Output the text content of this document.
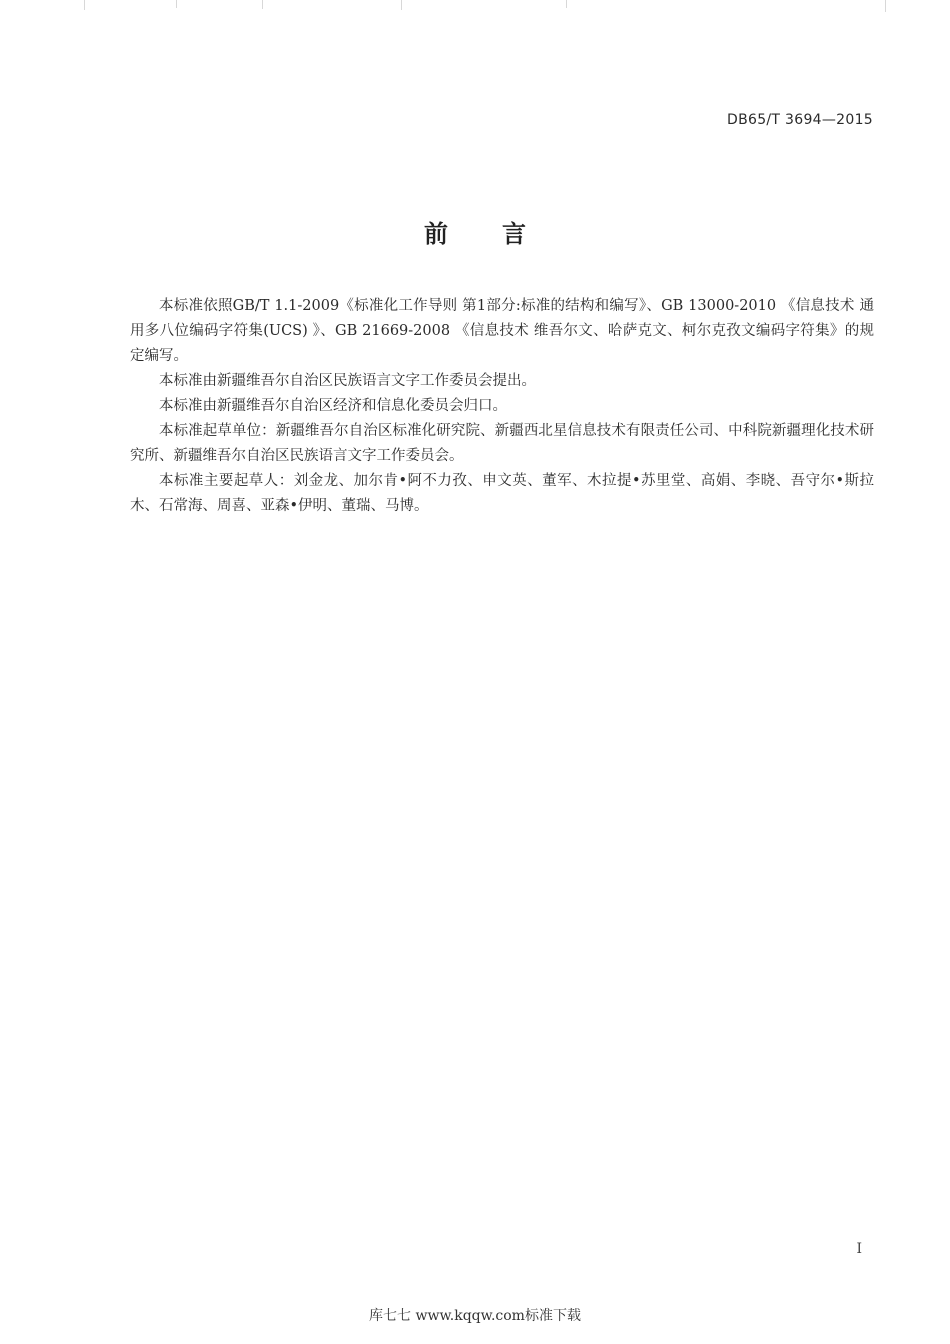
DB65/T 3694—2015
前言

本标准依照GB/T 1.1-2009《标准化工作导则 第1部分:标准的结构和编写》、GB 13000-2010 《信息技术 通用多八位编码字符集(UCS) 》、GB 21669-2008 《信息技术 维吾尔文、哈萨克文、柯尔克孜文编码字符集》的规定编写。

本标准由新疆维吾尔自治区民族语言文字工作委员会提出。

本标准由新疆维吾尔自治区经济和信息化委员会归口。

本标准起草单位：新疆维吾尔自治区标准化研究院、新疆西北星信息技术有限责任公司、中科院新疆理化技术研究所、新疆维吾尔自治区民族语言文字工作委员会。

本标准主要起草人：刘金龙、加尔肯•阿不力孜、申文英、董军、木拉提•苏里堂、高娟、李晓、吾守尔•斯拉木、石常海、周喜、亚森•伊明、董瑞、马博。

I
库七七 www.kqqw.com标准下载
